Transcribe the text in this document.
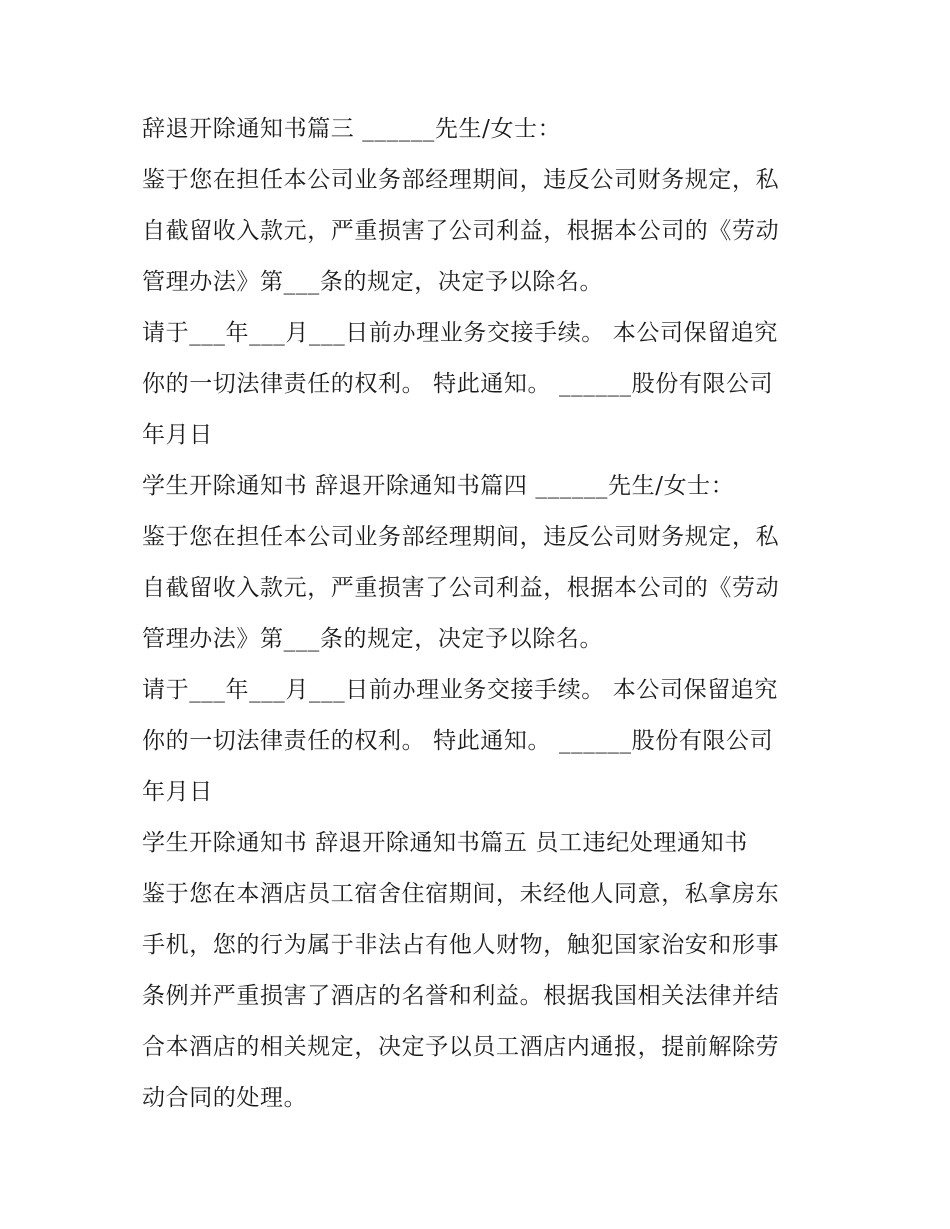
辞退开除通知书篇三 ______先生/女士：
鉴于您在担任本公司业务部经理期间，违反公司财务规定，私
自截留收入款元，严重损害了公司利益，根据本公司的《劳动
管理办法》第___条的规定，决定予以除名。
请于___年___月___日前办理业务交接手续。 本公司保留追究
你的一切法律责任的权利。 特此通知。 ______股份有限公司
年月日
学生开除通知书 辞退开除通知书篇四 ______先生/女士：
鉴于您在担任本公司业务部经理期间，违反公司财务规定，私
自截留收入款元，严重损害了公司利益，根据本公司的《劳动
管理办法》第___条的规定，决定予以除名。
请于___年___月___日前办理业务交接手续。 本公司保留追究
你的一切法律责任的权利。 特此通知。 ______股份有限公司
年月日
学生开除通知书 辞退开除通知书篇五 员工违纪处理通知书
鉴于您在本酒店员工宿舍住宿期间，未经他人同意，私拿房东
手机，您的行为属于非法占有他人财物，触犯国家治安和形事
条例并严重损害了酒店的名誉和利益。根据我国相关法律并结
合本酒店的相关规定，决定予以员工酒店内通报，提前解除劳
动合同的处理。
